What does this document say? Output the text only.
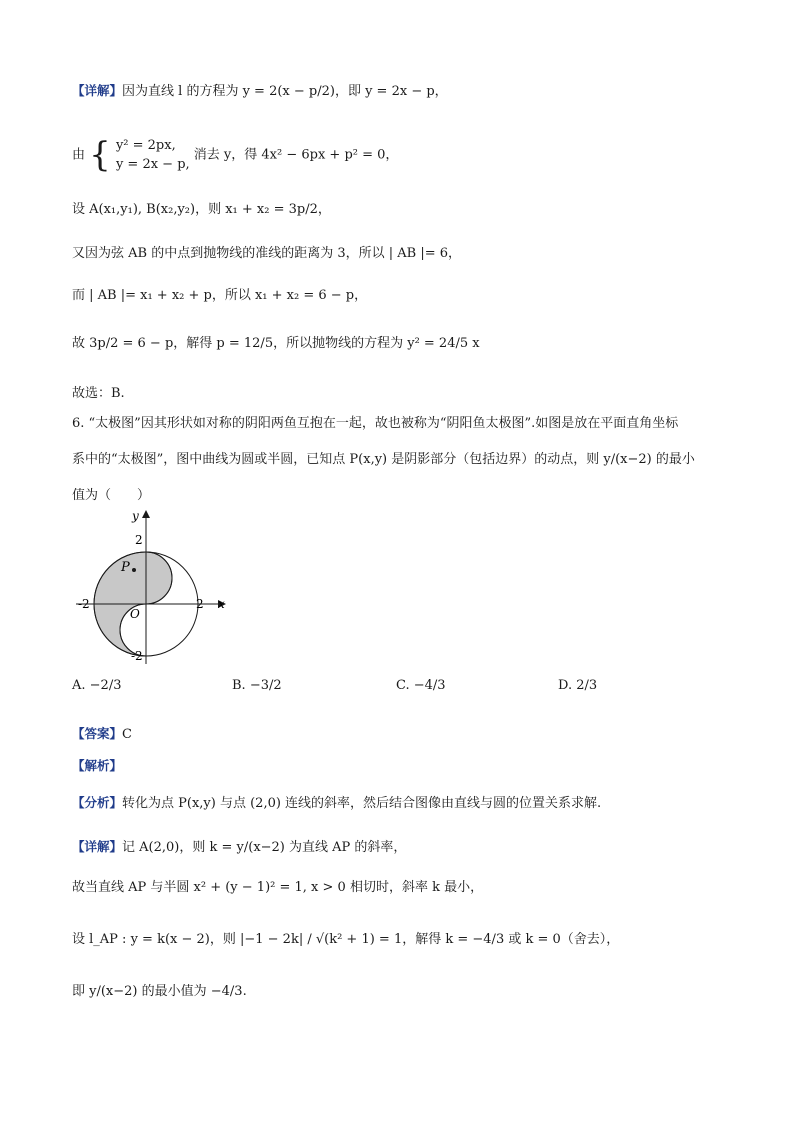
【详解】因为直线 l 的方程为 y = 2(x − p/2)，即 y = 2x − p，
由 { y² = 2px,
y = 2x − p,
消去 y，得 4x² − 6px + p² = 0，
设 A(x₁,y₁), B(x₂,y₂)，则 x₁ + x₂ = 3p/2，
又因为弦 AB 的中点到抛物线的准线的距离为 3，所以 | AB |= 6，
而 | AB |= x₁ + x₂ + p，所以 x₁ + x₂ = 6 − p，
故 3p/2 = 6 − p，解得 p = 12/5，所以抛物线的方程为 y² = 24/5 x
故选：B.
6. “太极图”因其形状如对称的阴阳两鱼互抱在一起，故也被称为“阴阳鱼太极图”.如图是放在平面直角坐标
系中的“太极图”，图中曲线为圆或半圆，已知点 P(x,y) 是阴影部分（包括边界）的动点，则 y/(x−2) 的最小
值为（　　）
P
x
y
O
2
-2
-2	2
A. −2/3	B. −3/2	C. −4/3	D. 2/3
【答案】C
【解析】
【分析】转化为点 P(x,y) 与点 (2,0) 连线的斜率，然后结合图像由直线与圆的位置关系求解.
【详解】记 A(2,0)，则 k = y/(x−2) 为直线 AP 的斜率，
故当直线 AP 与半圆 x² + (y − 1)² = 1, x > 0 相切时，斜率 k 最小，
设 l_AP : y = k(x − 2)，则 |−1 − 2k| / √(k² + 1) = 1，解得 k = −4/3 或 k = 0（舍去），
即 y/(x−2) 的最小值为 −4/3.
